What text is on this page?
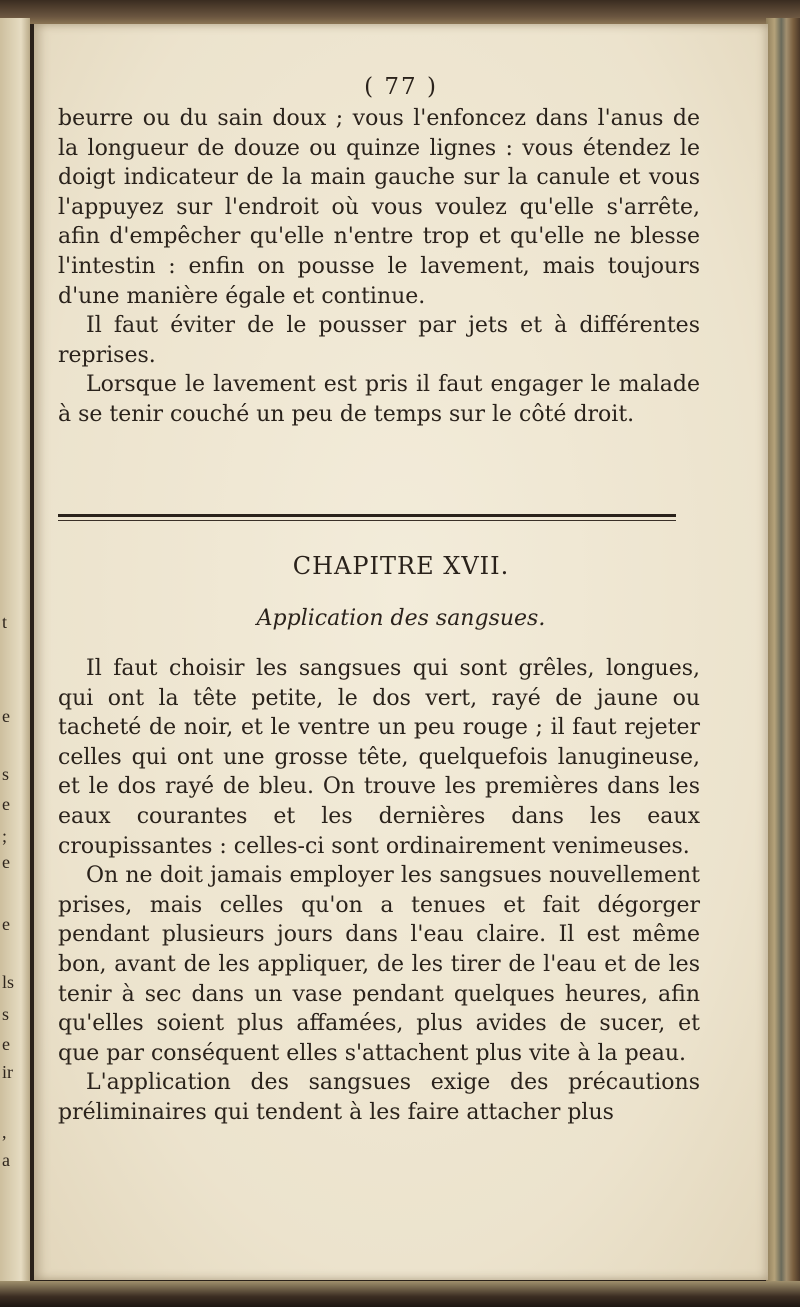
t
e
s
e
;
e
e
ls
s
e
ir
,
a
( 77 )

beurre ou du sain doux ; vous l'enfoncez dans l'anus de la longueur de douze ou quinze lignes : vous étendez le doigt indicateur de la main gauche sur la canule et vous l'appuyez sur l'endroit où vous voulez qu'elle s'arrête, afin d'empêcher qu'elle n'entre trop et qu'elle ne blesse l'intestin : enfin on pousse le lavement, mais toujours d'une manière égale et continue.

Il faut éviter de le pousser par jets et à différentes reprises.

Lorsque le lavement est pris il faut engager le malade à se tenir couché un peu de temps sur le côté droit.

CHAPITRE XVII.
Application des sangsues.

Il faut choisir les sangsues qui sont grêles, longues, qui ont la tête petite, le dos vert, rayé de jaune ou tacheté de noir, et le ventre un peu rouge ; il faut rejeter celles qui ont une grosse tête, quelquefois lanugineuse, et le dos rayé de bleu. On trouve les premières dans les eaux courantes et les dernières dans les eaux croupissantes : celles-ci sont ordinairement venimeuses.

On ne doit jamais employer les sangsues nouvellement prises, mais celles qu'on a tenues et fait dégorger pendant plusieurs jours dans l'eau claire. Il est même bon, avant de les appliquer, de les tirer de l'eau et de les tenir à sec dans un vase pendant quelques heures, afin qu'elles soient plus affamées, plus avides de sucer, et que par conséquent elles s'attachent plus vite à la peau.

L'application des sangsues exige des précautions préliminaires qui tendent à les faire attacher plus
